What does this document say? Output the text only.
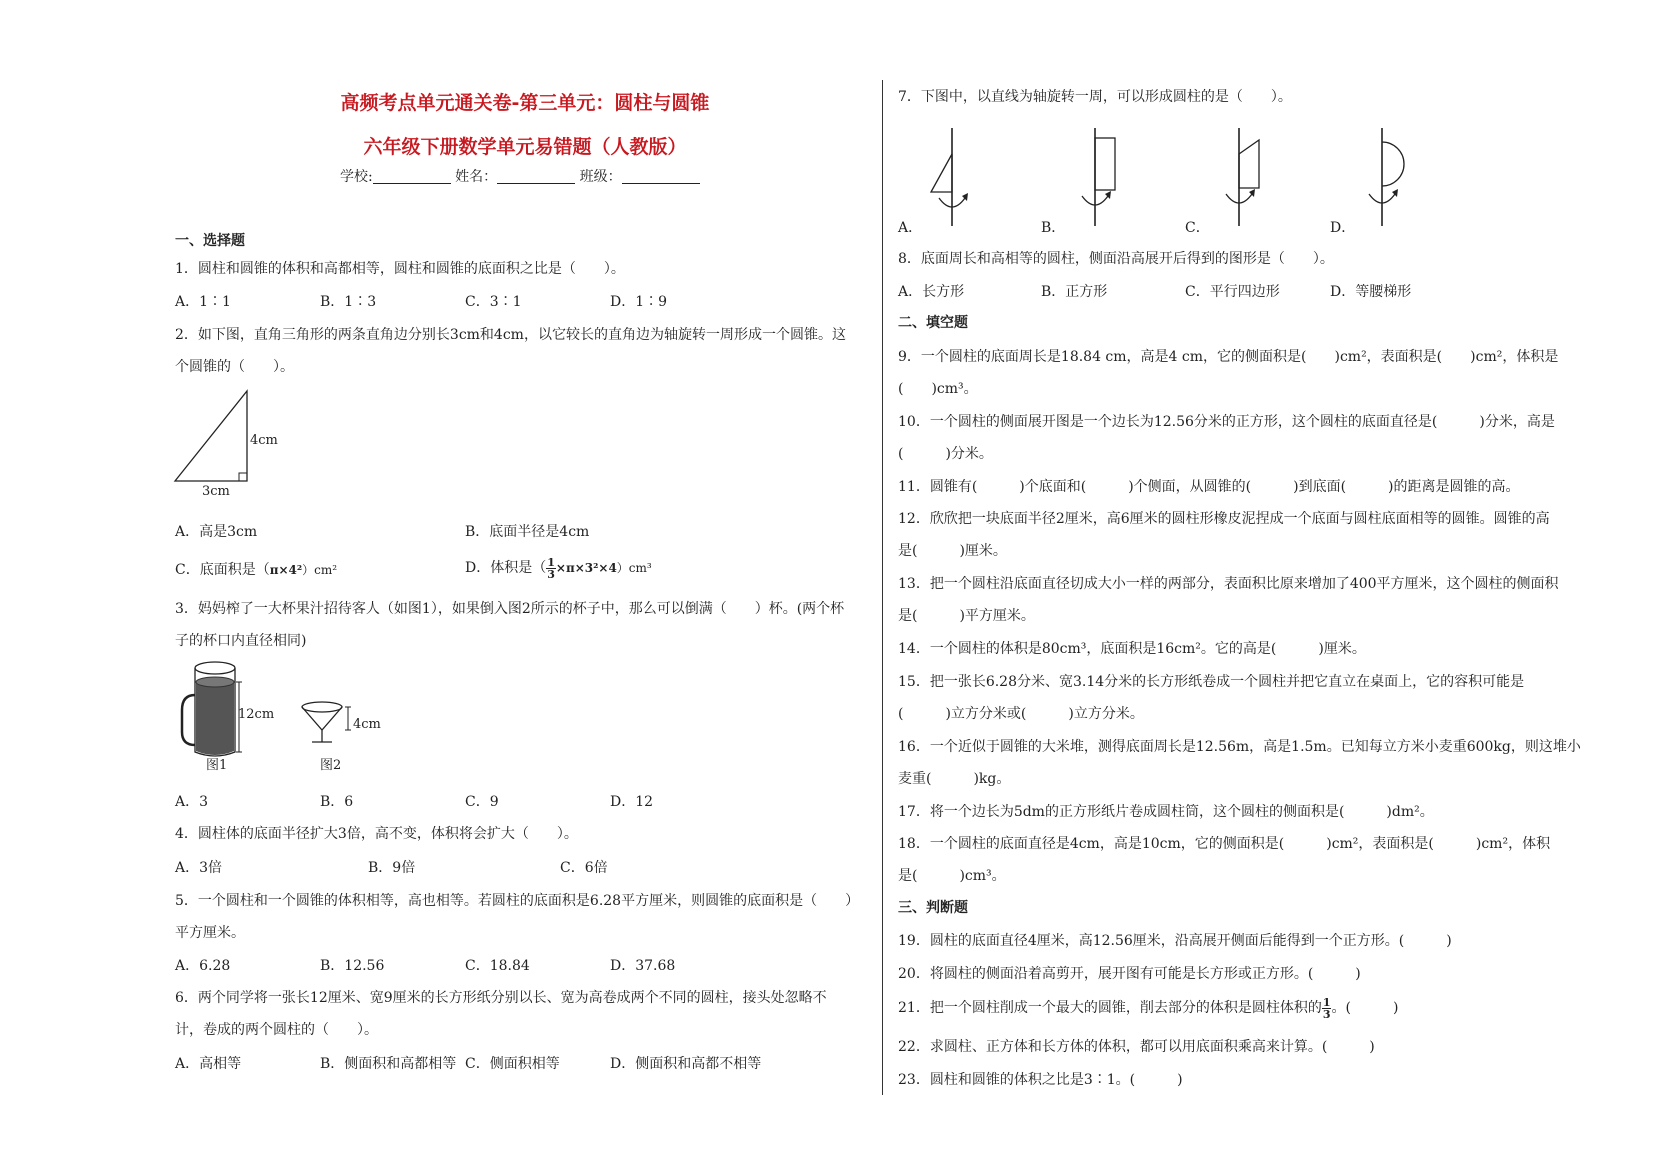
高频考点单元通关卷-第三单元：圆柱与圆锥
六年级下册数学单元易错题（人教版）
学校:	姓名：	班级：
一、选择题
1．圆柱和圆锥的体积和高都相等，圆柱和圆锥的底面积之比是（　　）。
A．1∶1	B．1∶3	C．3∶1	D．1∶9
2．如下图，直角三角形的两条直角边分别长3cm和4cm，以它较长的直角边为轴旋转一周形成一个圆锥。这
个圆锥的（　　）。
4cm
3cm
A．高是3cm	B．底面半径是4cm
C．底面积是（π×4²）cm²	D．体积是（ $\frac{1}{3} \times\pi\times 3^2\times 4)cm^3$
3．妈妈榨了一大杯果汁招待客人（如图1），如果倒入图2所示的杯子中，那么可以倒满（　　）杯。(两个杯
子的杯口内直径相同)
12cm
图1
4cm
图2
A．3	B．6	C．9	D．12
4．圆柱体的底面半径扩大3倍，高不变，体积将会扩大（　　）。
A．3倍	B．9倍	C．6倍
5．一个圆柱和一个圆锥的体积相等，高也相等。若圆柱的底面积是6.28平方厘米，则圆锥的底面积是（　　）
平方厘米。
A．6.28	B．12.56	C．18.84	D．37.68
6．两个同学将一张长12厘米、宽9厘米的长方形纸分别以长、宽为高卷成两个不同的圆柱，接头处忽略不
计，卷成的两个圆柱的（　　）。
A．高相等	B．侧面积和高都相等 C．侧面积相等	D．侧面积和高都不相等
7．下图中，以直线为轴旋转一周，可以形成圆柱的是（　　）。
A．	B．	C．	D．
8．底面周长和高相等的圆柱，侧面沿高展开后得到的图形是（　　）。
A．长方形	B．正方形	C．平行四边形	D．等腰梯形
二、填空题
9．一个圆柱的底面周长是18.84 cm，高是4 cm，它的侧面积是(　　)cm²，表面积是(　　)cm²，体积是
(　　)cm³。
10．一个圆柱的侧面展开图是一个边长为12.56分米的正方形，这个圆柱的底面直径是(　　　)分米，高是
(　　　)分米。
11．圆锥有(　　　)个底面和(　　　)个侧面，从圆锥的(　　　)到底面(　　　)的距离是圆锥的高。
12．欣欣把一块底面半径2厘米，高6厘米的圆柱形橡皮泥捏成一个底面与圆柱底面相等的圆锥。圆锥的高
是(　　　)厘米。
13．把一个圆柱沿底面直径切成大小一样的两部分，表面积比原来增加了400平方厘米，这个圆柱的侧面积
是(　　　)平方厘米。
14．一个圆柱的体积是80cm³，底面积是16cm²。它的高是(　　　)厘米。
15．把一张长6.28分米、宽3.14分米的长方形纸卷成一个圆柱并把它直立在桌面上，它的容积可能是
(　　　)立方分米或(　　　)立方分米。
16．一个近似于圆锥的大米堆，测得底面周长是12.56m，高是1.5m。已知每立方米小麦重600kg，则这堆小
麦重(　　　)kg。
17．将一个边长为5dm的正方形纸片卷成圆柱筒，这个圆柱的侧面积是(　　　)dm²。
18．一个圆柱的底面直径是4cm，高是10cm，它的侧面积是(　　　)cm²，表面积是(　　　)cm²，体积
是(　　　)cm³。
三、判断题
19．圆柱的底面直径4厘米，高12.56厘米，沿高展开侧面后能得到一个正方形。(　　　)
20．将圆柱的侧面沿着高剪开，展开图有可能是长方形或正方形。(　　　)
21．把一个圆柱削成一个最大的圆锥，削去部分的体积是圆柱体积的 $\frac{1}{3}$ 。(　　　)
22．求圆柱、正方体和长方体的体积，都可以用底面积乘高来计算。(　　　)
23．圆柱和圆锥的体积之比是3∶1。(　　　)
